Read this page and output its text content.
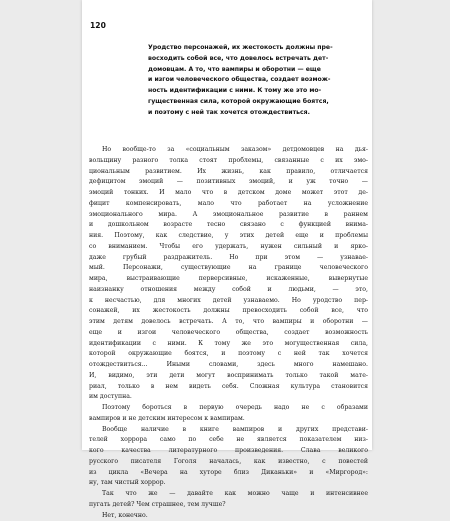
120
Уродство персонажей, их жестокость должны пре-
восходить собой все, что довелось встречать дет-
домовцам. А то, что вампиры и оборотни — еще
и изгои человеческого общества, создает возмож-
ность идентификации с ними. К тому же это мо-
гущественная сила, которой окружающие боятся,
и поэтому с ней так хочется отождествиться.
Но вообще-то за «социальным заказом» детдомовцев на дья-
вольщину разного толка стоят проблемы, связанные с их эмо-
циональным развитием. Их жизнь, как правило, отличается
дефицитом эмоций — позитивных эмоций, и уж точно —
эмоций тонких. И мало что в детском доме может этот де-
фицит компенсировать, мало что работает на усложнение
эмоционального мира. А эмоциональное развитие в раннем
и дошкольном возрасте тесно связано с функцией внима-
ния. Поэтому, как следствие, у этих детей еще и проблемы
со вниманием. Чтобы его удержать, нужен сильный и ярко-
даже грубый раздражитель. Но при этом — узнавае-
мый. Персонажи, существующие на границе человеческого
мира, выстраивающие перверсивные, искаженные, вывернутые
наизнанку отношения между собой и людьми, — это,
к несчастью, для многих детей узнаваемо. Но уродство пер-
сонажей, их жестокость должны превосходить собой все, что
этим детям довелось встречать. А то, что вампиры и оборотни —
еще и изгои человеческого общества, создает возможность
идентификации с ними. К тому же это могущественная сила,
которой окружающие боятся, и поэтому с ней так хочется
отождествиться... Иными словами, здесь много намешано.
И, видимо, эти дети могут воспринимать только такой мате-
риал, только в нем видеть себя. Сложная культура становится
им доступна.
Поэтому бороться в первую очередь надо не с образами
вампиров и не детским интересом к вампирам.
Вообще наличие в книге вампиров и других представи-
телей хоррора само по себе не является показателем низ-
кого качества литературного произведения. Слава великого
русского писателя Гоголя началась, как известно, с повестей
из цикла «Вечера на хуторе близ Диканьки» и «Миргород»:
ну, там чистый хоррор.
Так что же — давайте как можно чаще и интенсивнее
пугать детей? Чем страшнее, тем лучше?
Нет, конечно.
